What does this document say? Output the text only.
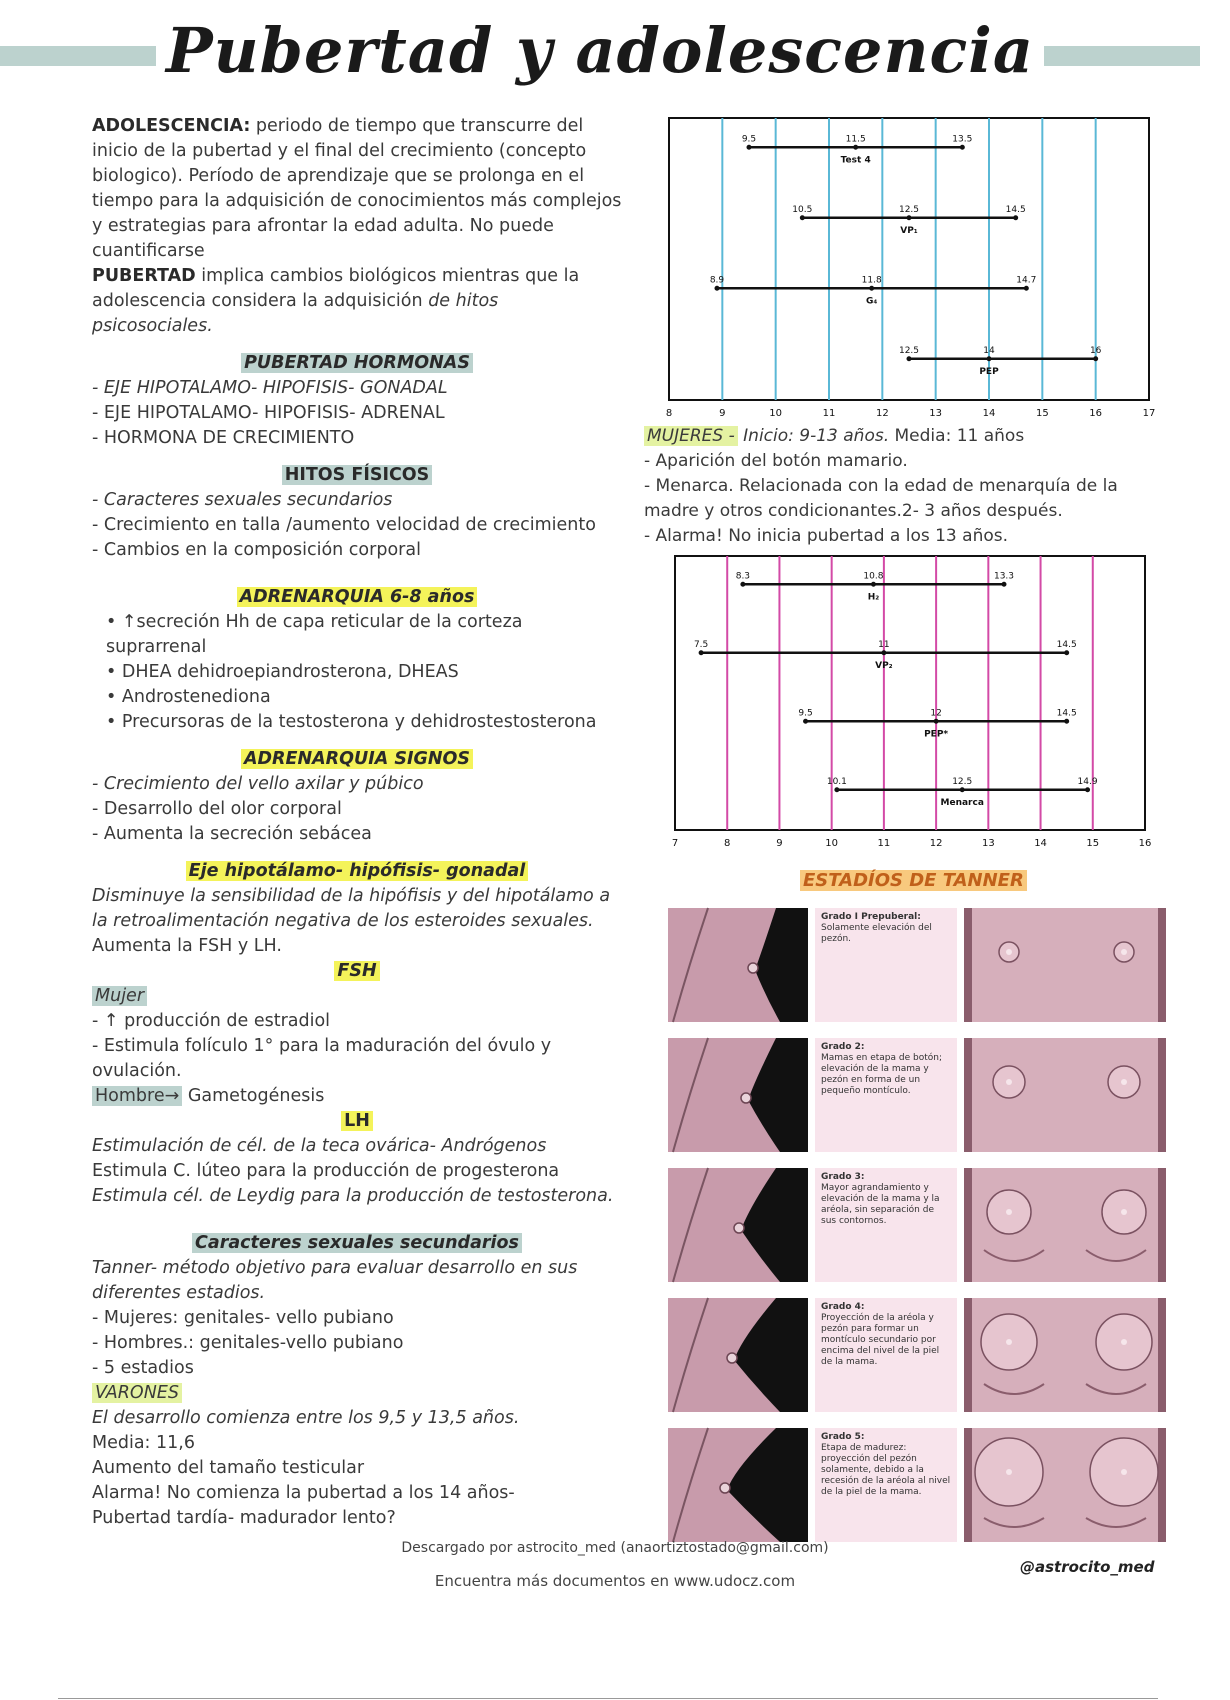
Pubertad y adolescencia

ADOLESCENCIA: periodo de tiempo que transcurre del inicio de la pubertad y el final del crecimiento (concepto biologico). Período de aprendizaje que se prolonga en el tiempo para la adquisición de conocimientos más complejos y estrategias para afrontar la edad adulta. No puede cuantificarse

PUBERTAD implica cambios biológicos mientras que la adolescencia considera la adquisición de hitos psicosociales.

PUBERTAD HORMONAS

- EJE HIPOTALAMO- HIPOFISIS- GONADAL

- EJE HIPOTALAMO- HIPOFISIS- ADRENAL

- HORMONA DE CRECIMIENTO

HITOS FÍSICOS

- Caracteres sexuales secundarios

- Crecimiento en talla /aumento velocidad de crecimiento

- Cambios en la composición corporal

ADRENARQUIA 6-8 años

• ↑secreción Hh de capa reticular de la corteza suprarrenal
• DHEA dehidroepiandrosterona, DHEAS
• Androstenediona
• Precursoras de la testosterona y dehidrostestosterona

ADRENARQUIA SIGNOS

- Crecimiento del vello axilar y púbico

- Desarrollo del olor corporal

- Aumenta la secreción sebácea

Eje hipotálamo- hipófisis- gonadal

Disminuye la sensibilidad de la hipófisis y del hipotálamo a la retroalimentación negativa de los esteroides sexuales.

Aumenta la FSH y LH.

FSH

Mujer

- ↑ producción de estradiol

- Estimula folículo 1° para la maduración del óvulo y ovulación.

Hombre→ Gametogénesis

LH

Estimulación de cél. de la teca ovárica- Andrógenos

Estimula C. lúteo para la producción de progesterona

Estimula cél. de Leydig para la producción de testosterona.

Caracteres sexuales secundarios

Tanner- método objetivo para evaluar desarrollo en sus diferentes estadios.

- Mujeres: genitales- vello pubiano

- Hombres.: genitales-vello pubiano

- 5 estadios

VARONES

El desarrollo comienza entre los 9,5 y 13,5 años.

Media: 11,6

Aumento del tamaño testicular

Alarma! No comienza la pubertad a los 14 años-

Pubertad tardía- madurador lento?

8	9	10	11	12	13	14	15	16	17
9.5	11.5	13.5
Test 4
10.5	12.5	14.5
VP₁
8.9	11.8	14.7
G₄
12.5	14	16
PEP

MUJERES - Inicio: 9-13 años. Media: 11 años

- Aparición del botón mamario.

- Menarca. Relacionada con la edad de menarquía de la madre y otros condicionantes.2- 3 años después.

- Alarma! No inicia pubertad a los 13 años.

7	8	9	10	11	12	13	14	15	16
8.3	10.8	13.3
H₂
7.5	11	14.5
VP₂
9.5	12	14.5
PEP*
10.1	12.5	14.9
Menarca
ESTADÍOS DE TANNER
Grado I Prepuberal:
Solamente elevación del pezón.
Grado 2:
Mamas en etapa de botón; elevación de la mama y pezón en forma de un pequeño montículo.
Grado 3:
Mayor agrandamiento y elevación de la mama y la aréola, sin separación de sus contornos.
Grado 4:
Proyección de la aréola y pezón para formar un montículo secundario por encima del nivel de la piel de la mama.
Grado 5:
Etapa de madurez: proyección del pezón solamente, debido a la recesión de la aréola al nivel de la piel de la mama.
Descargado por astrocito_med (anaortiztostado@gmail.com)
Encuentra más documentos en www.udocz.com
@astrocito_med
